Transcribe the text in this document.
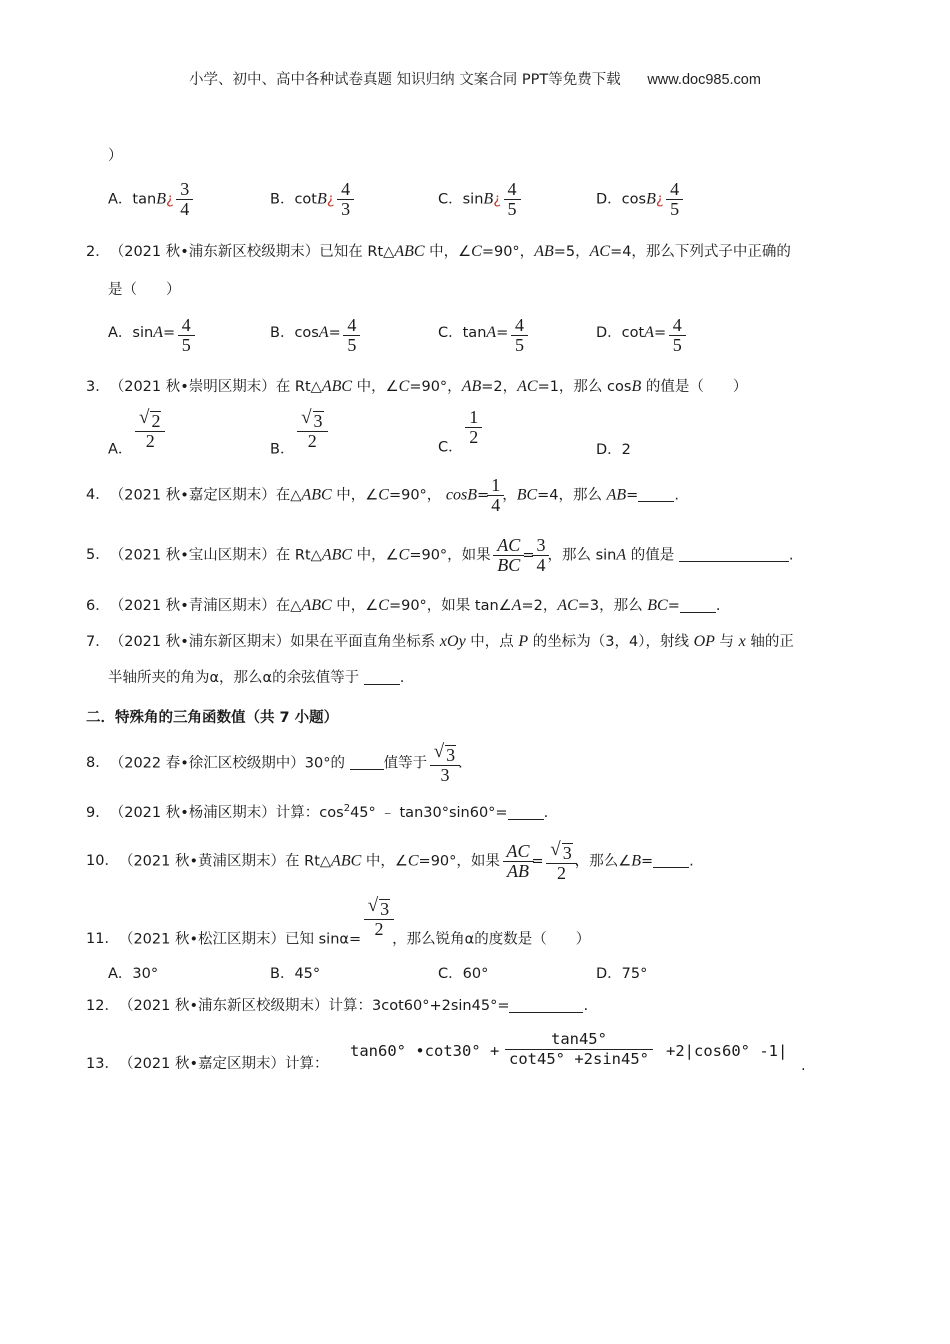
小学、初中、高中各种试卷真题 知识归纳 文案合同 PPT等免费下载 www.doc985.com
）
A．tanB¿ $\frac{3}{4}$	B．cotB¿ $\frac{4}{3}$	C．sinB¿ $\frac{4}{5}$	D．cosB¿ $\frac{4}{5}$
2．（2021 秋•浦东新区校级期末）已知在 Rt△ABC 中，∠C=90°，AB=5，AC=4，那么下列式子中正确的
是（　　）
A．$\sin A= \frac{4}{5}$	B．$\cos A= \frac{4}{5}$	C．$\tan A= \frac{4}{5}$	D．$\cot A= \frac{4}{5}$
3．（2021 秋•崇明区期末）在 Rt△ABC 中，∠C=90°，AB=2，AC=1，那么 cosB 的值是（　　）
A． $\frac{√ 2}{2}$	B． $\frac{√ 3}{2}$	C．
$\frac{1}{2}$
D．2
4．（2021 秋•嘉定区期末）在△ABC 中，∠C=90°， $\cos B= \frac{1}{4}$ ，BC=4，那么 AB= .
5．（2021 秋•宝山区期末）在 Rt△ABC 中，∠C=90°，如果 $\frac{AC}{BC} = \frac{3}{4}$ ，那么 sinA 的值是	.
6．（2021 秋•青浦区期末）在△ABC 中，∠C=90°，如果 tan∠A=2，AC=3，那么 BC= .
7．（2021 秋•浦东新区期末）如果在平面直角坐标系 xOy 中，点 P 的坐标为（3，4），射线 OP 与 x 轴的正
半轴所夹的角为α，那么α的余弦值等于 .
二．特殊角的三角函数值（共 7 小题）
8．（2022 春•徐汇区校级期中）30°的 值等于 $\frac{√ 3}{3}$ .
9．（2021 秋•杨浦区期末）计算：$\cos^245^\circ$ ﹣ tan30°sin60°= .
10．（2021 秋•黄浦区期末）在 Rt△ABC 中，∠C=90°，如果 $\frac{AC}{AB} = \frac{√ 3}{2}$ ，那么∠B= .
11．（2021 秋•松江区期末）已知 sinα=
$\frac{√ 3}{2}$
，那么锐角α的度数是（　　）
A．30°	B．45°	C．60°	D．75°
12．（2021 秋•浦东新区校级期末）计算：3cot60°+2sin45°=	.
13．（2021 秋•嘉定区期末）计算：
tan60° •cot30° +
tan45°
cot45° +2sin45° +2|cos60° -1|
.
